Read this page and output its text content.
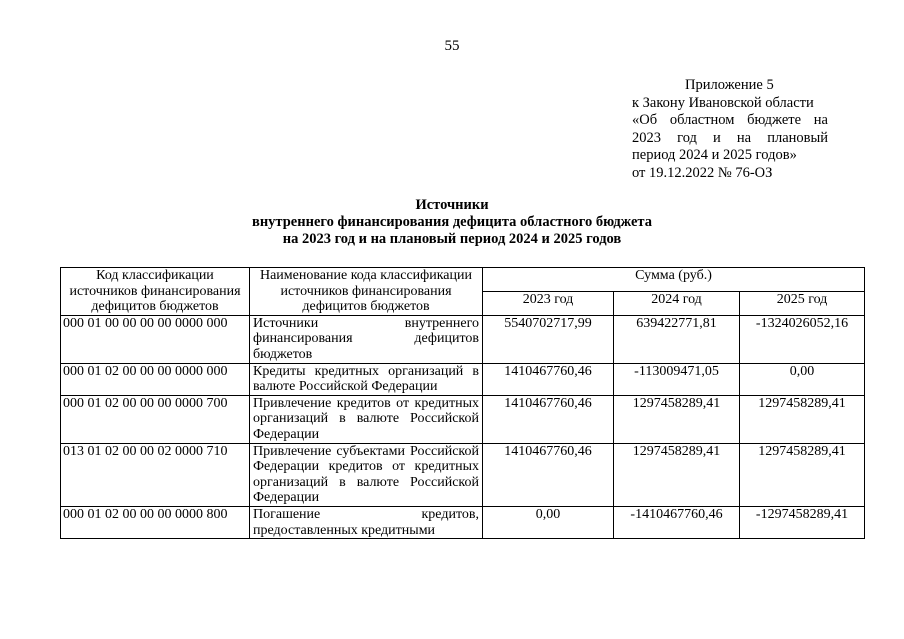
55
Приложение 5
к Закону Ивановской области
«Об областном бюджете на
2023 год и на плановый
период 2024 и 2025 годов»
от 19.12.2022 № 76-ОЗ
Источники
внутреннего финансирования дефицита областного бюджета
на 2023 год и на плановый период 2024 и 2025 годов
Код классификации источников финансирования дефицитов бюджетов	Наименование кода классификации источников финансирования дефицитов бюджетов	Сумма (руб.)		
		2023 год	2024 год	2025 год
000 01 00 00 00 00 0000 000	Источники внутреннего финансирования дефицитов бюджетов	5540702717,99	639422771,81	-1324026052,16
000 01 02 00 00 00 0000 000	Кредиты кредитных организаций в валюте Российской Федерации	1410467760,46	-113009471,05	0,00
000 01 02 00 00 00 0000 700	Привлечение кредитов от кредитных организаций в валюте Российской Федерации	1410467760,46	1297458289,41	1297458289,41
013 01 02 00 00 02 0000 710	Привлечение субъектами Российской Федерации кредитов от кредитных организаций в валюте Российской Федерации	1410467760,46	1297458289,41	1297458289,41
000 01 02 00 00 00 0000 800	Погашение кредитов, предоставленных кредитными	0,00	-1410467760,46	-1297458289,41
